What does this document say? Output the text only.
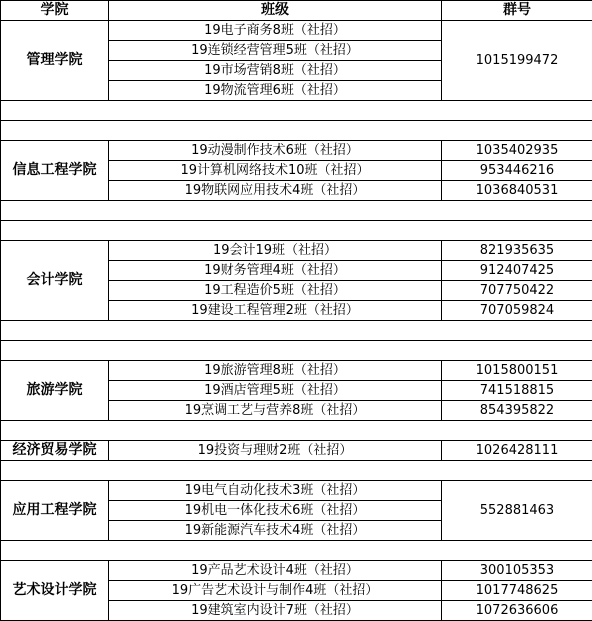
学院	班级	群号
管理学院	19电子商务8班（社招）	1015199472
	19连锁经营管理5班（社招）	
	19市场营销8班（社招）	
	19物流管理6班（社招）	

信息工程学院	19动漫制作技术6班（社招）	1035402935
	19计算机网络技术10班（社招）	953446216
	19物联网应用技术4班（社招）	1036840531

会计学院	19会计19班（社招）	821935635
	19财务管理4班（社招）	912407425
	19工程造价5班（社招）	707750422
	19建设工程管理2班（社招）	707059824

旅游学院	19旅游管理8班（社招）	1015800151
	19酒店管理5班（社招）	741518815
	19烹调工艺与营养8班（社招）	854395822

经济贸易学院	19投资与理财2班（社招）	1026428111

应用工程学院	19电气自动化技术3班（社招）	552881463
	19机电一体化技术6班（社招）	
	19新能源汽车技术4班（社招）	

艺术设计学院	19产品艺术设计4班（社招）	300105353
	19广告艺术设计与制作4班（社招）	1017748625
	19建筑室内设计7班（社招）	1072636606
